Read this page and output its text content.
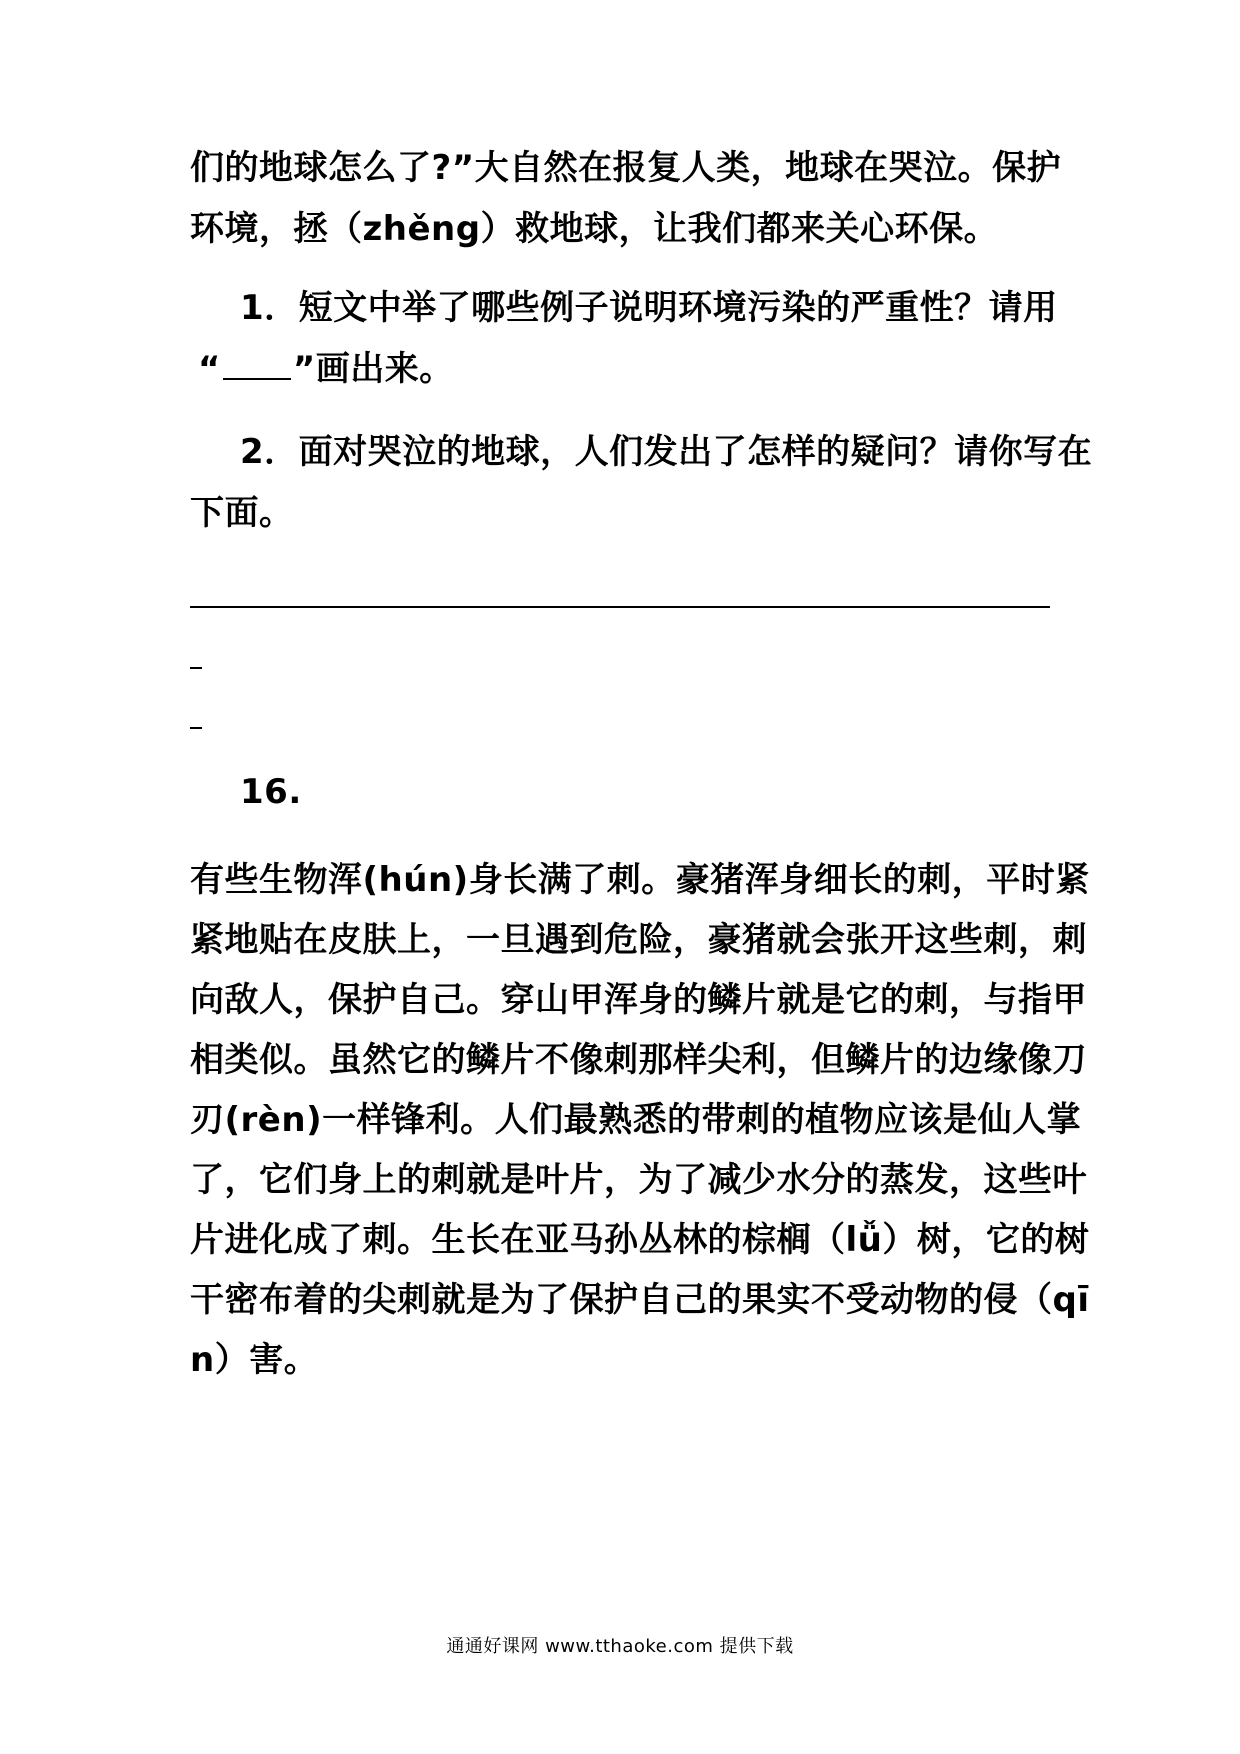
们的地球怎么了?”大自然在报复人类，地球在哭泣。保护
环境，拯（zhěng）救地球，让我们都来关心环保。
1．短文中举了哪些例子说明环境污染的严重性？请用
“ ”画出来。
2．面对哭泣的地球，人们发出了怎样的疑问？请你写在
下面。
16.
有些生物浑(hún)身长满了刺。豪猪浑身细长的刺，平时紧
紧地贴在皮肤上，一旦遇到危险，豪猪就会张开这些刺，刺
向敌人，保护自己。穿山甲浑身的鳞片就是它的刺，与指甲
相类似。虽然它的鳞片不像刺那样尖利，但鳞片的边缘像刀
刃(rèn)一样锋利。人们最熟悉的带刺的植物应该是仙人掌
了，它们身上的刺就是叶片，为了减少水分的蒸发，这些叶
片进化成了刺。生长在亚马孙丛林的棕榈（lǚ）树，它的树
干密布着的尖刺就是为了保护自己的果实不受动物的侵（qī
n）害。
通通好课网 www.tthaoke.com 提供下载
